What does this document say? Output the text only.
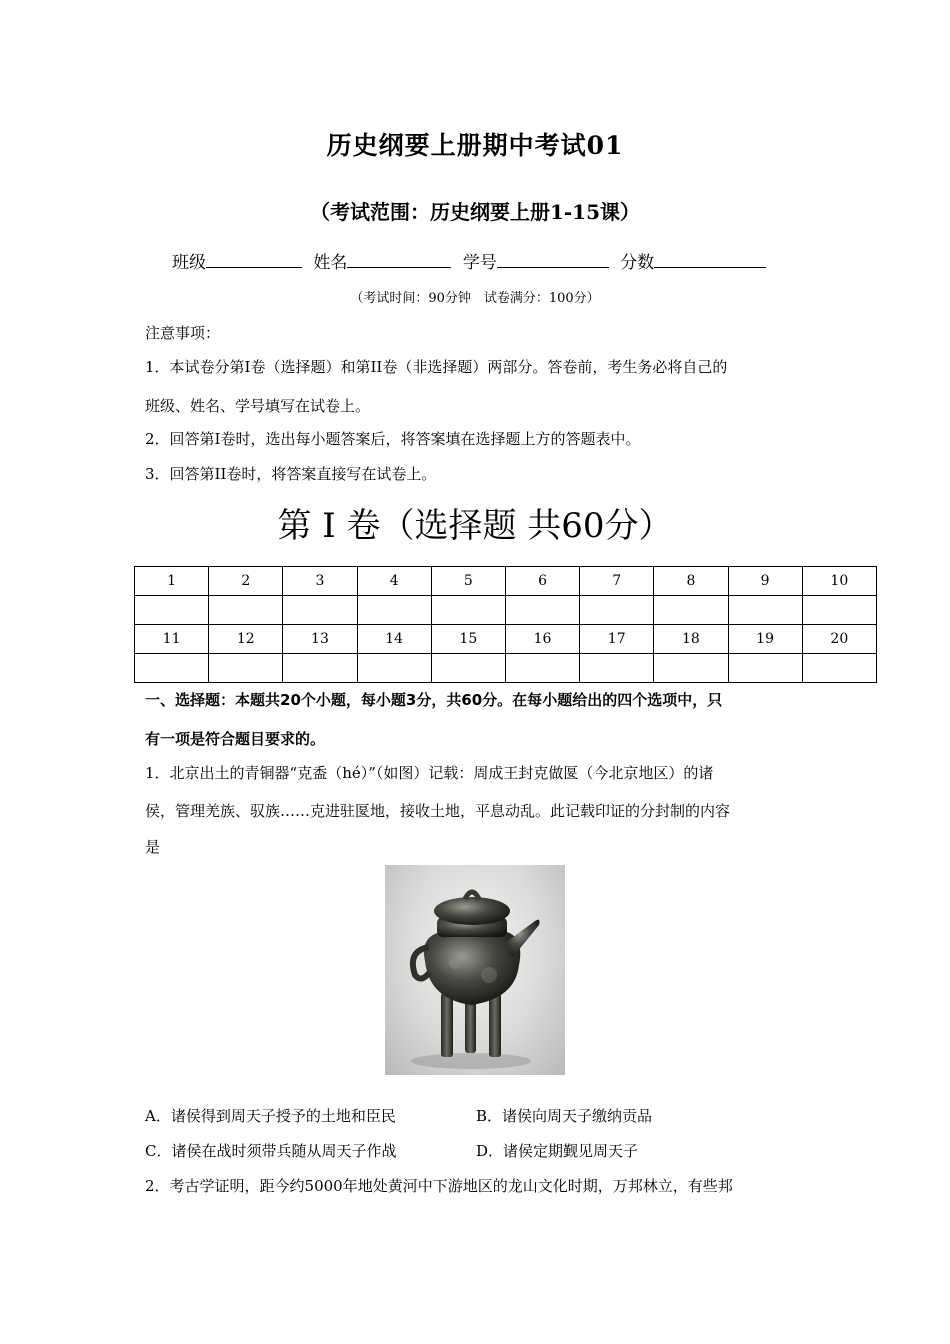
历史纲要上册期中考试01
（考试范围：历史纲要上册1-15课）
班级	姓名	学号	分数
（考试时间：90分钟　试卷满分：100分）
注意事项：
1．本试卷分第I卷（选择题）和第II卷（非选择题）两部分。答卷前，考生务必将自己的
班级、姓名、学号填写在试卷上。
2．回答第I卷时，选出每小题答案后，将答案填在选择题上方的答题表中。
3．回答第II卷时，将答案直接写在试卷上。
第 I 卷（选择题 共60分）
1	2	3	4	5	6	7	8	9	10

11	12	13	14	15	16	17	18	19	20

一、选择题：本题共20个小题，每小题3分，共60分。在每小题给出的四个选项中，只
有一项是符合题目要求的。
1．北京出土的青铜器“克盉（hé）”（如图）记载：周成王封克做匽（今北京地区）的诸
侯，管理羌族、驭族……克进驻匽地，接收土地，平息动乱。此记载印证的分封制的内容
是
A．诸侯得到周天子授予的土地和臣民	B．诸侯向周天子缴纳贡品
C．诸侯在战时须带兵随从周天子作战	D．诸侯定期觐见周天子
2．考古学证明，距今约5000年地处黄河中下游地区的龙山文化时期，万邦林立，有些邦
